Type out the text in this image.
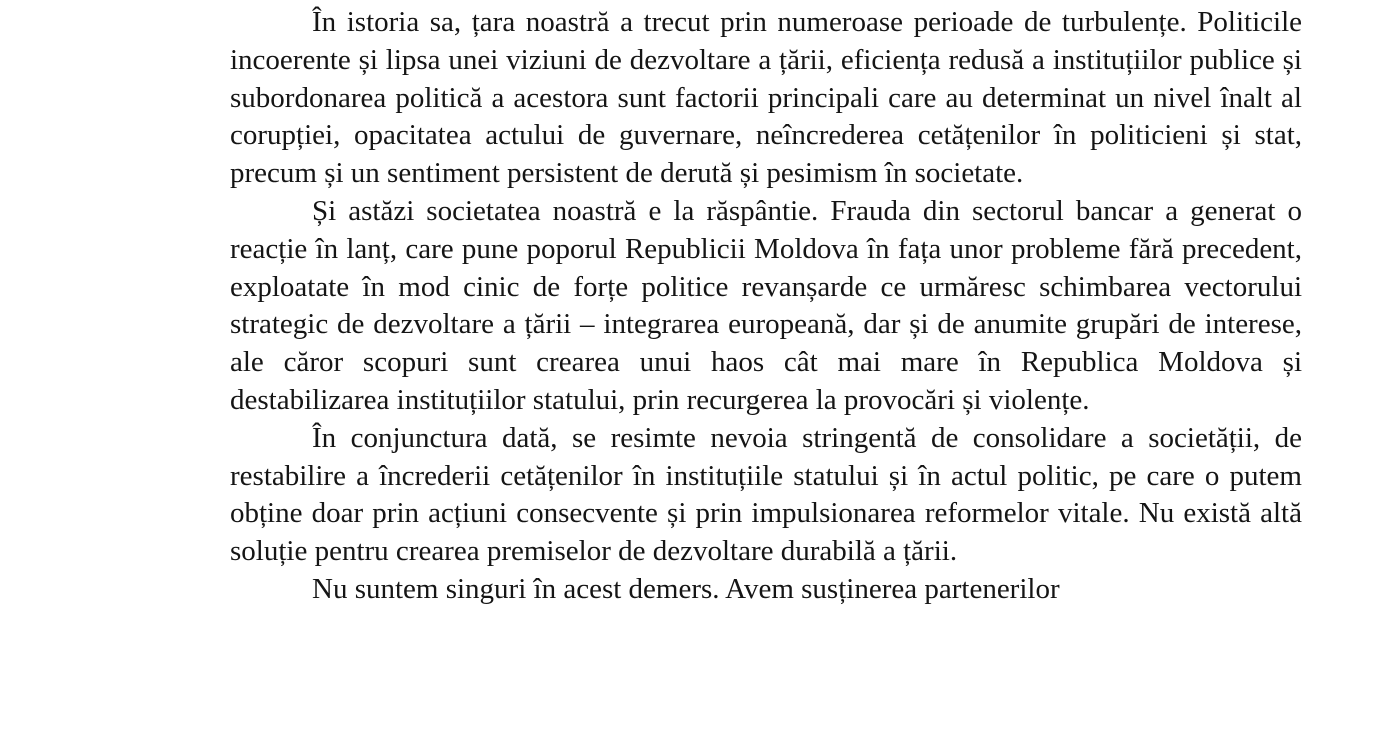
În istoria sa, țara noastră a trecut prin numeroase perioade de turbulențe. Politicile incoerente și lipsa unei viziuni de dezvoltare a țării, eficiența redusă a instituțiilor publice și subordonarea politică a acestora sunt factorii principali care au determinat un nivel înalt al corupției, opacitatea actului de guvernare, neîncrederea cetățenilor în politicieni și stat, precum și un sentiment persistent de derută și pesimism în societate.

Și astăzi societatea noastră e la răspântie. Frauda din sectorul bancar a generat o reacție în lanț, care pune poporul Republicii Moldova în fața unor probleme fără precedent, exploatate în mod cinic de forțe politice revanșarde ce urmăresc schimbarea vectorului strategic de dezvoltare a țării – integrarea europeană, dar și de anumite grupări de interese, ale căror scopuri sunt crearea unui haos cât mai mare în Republica Moldova și destabilizarea instituțiilor statului, prin recurgerea la provocări și violențe.

În conjunctura dată, se resimte nevoia stringentă de consolidare a societății, de restabilire a încrederii cetățenilor în instituțiile statului și în actul politic, pe care o putem obține doar prin acțiuni consecvente și prin impulsionarea reformelor vitale. Nu există altă soluție pentru crearea premiselor de dezvoltare durabilă a țării.

Nu suntem singuri în acest demers. Avem susținerea partenerilor
